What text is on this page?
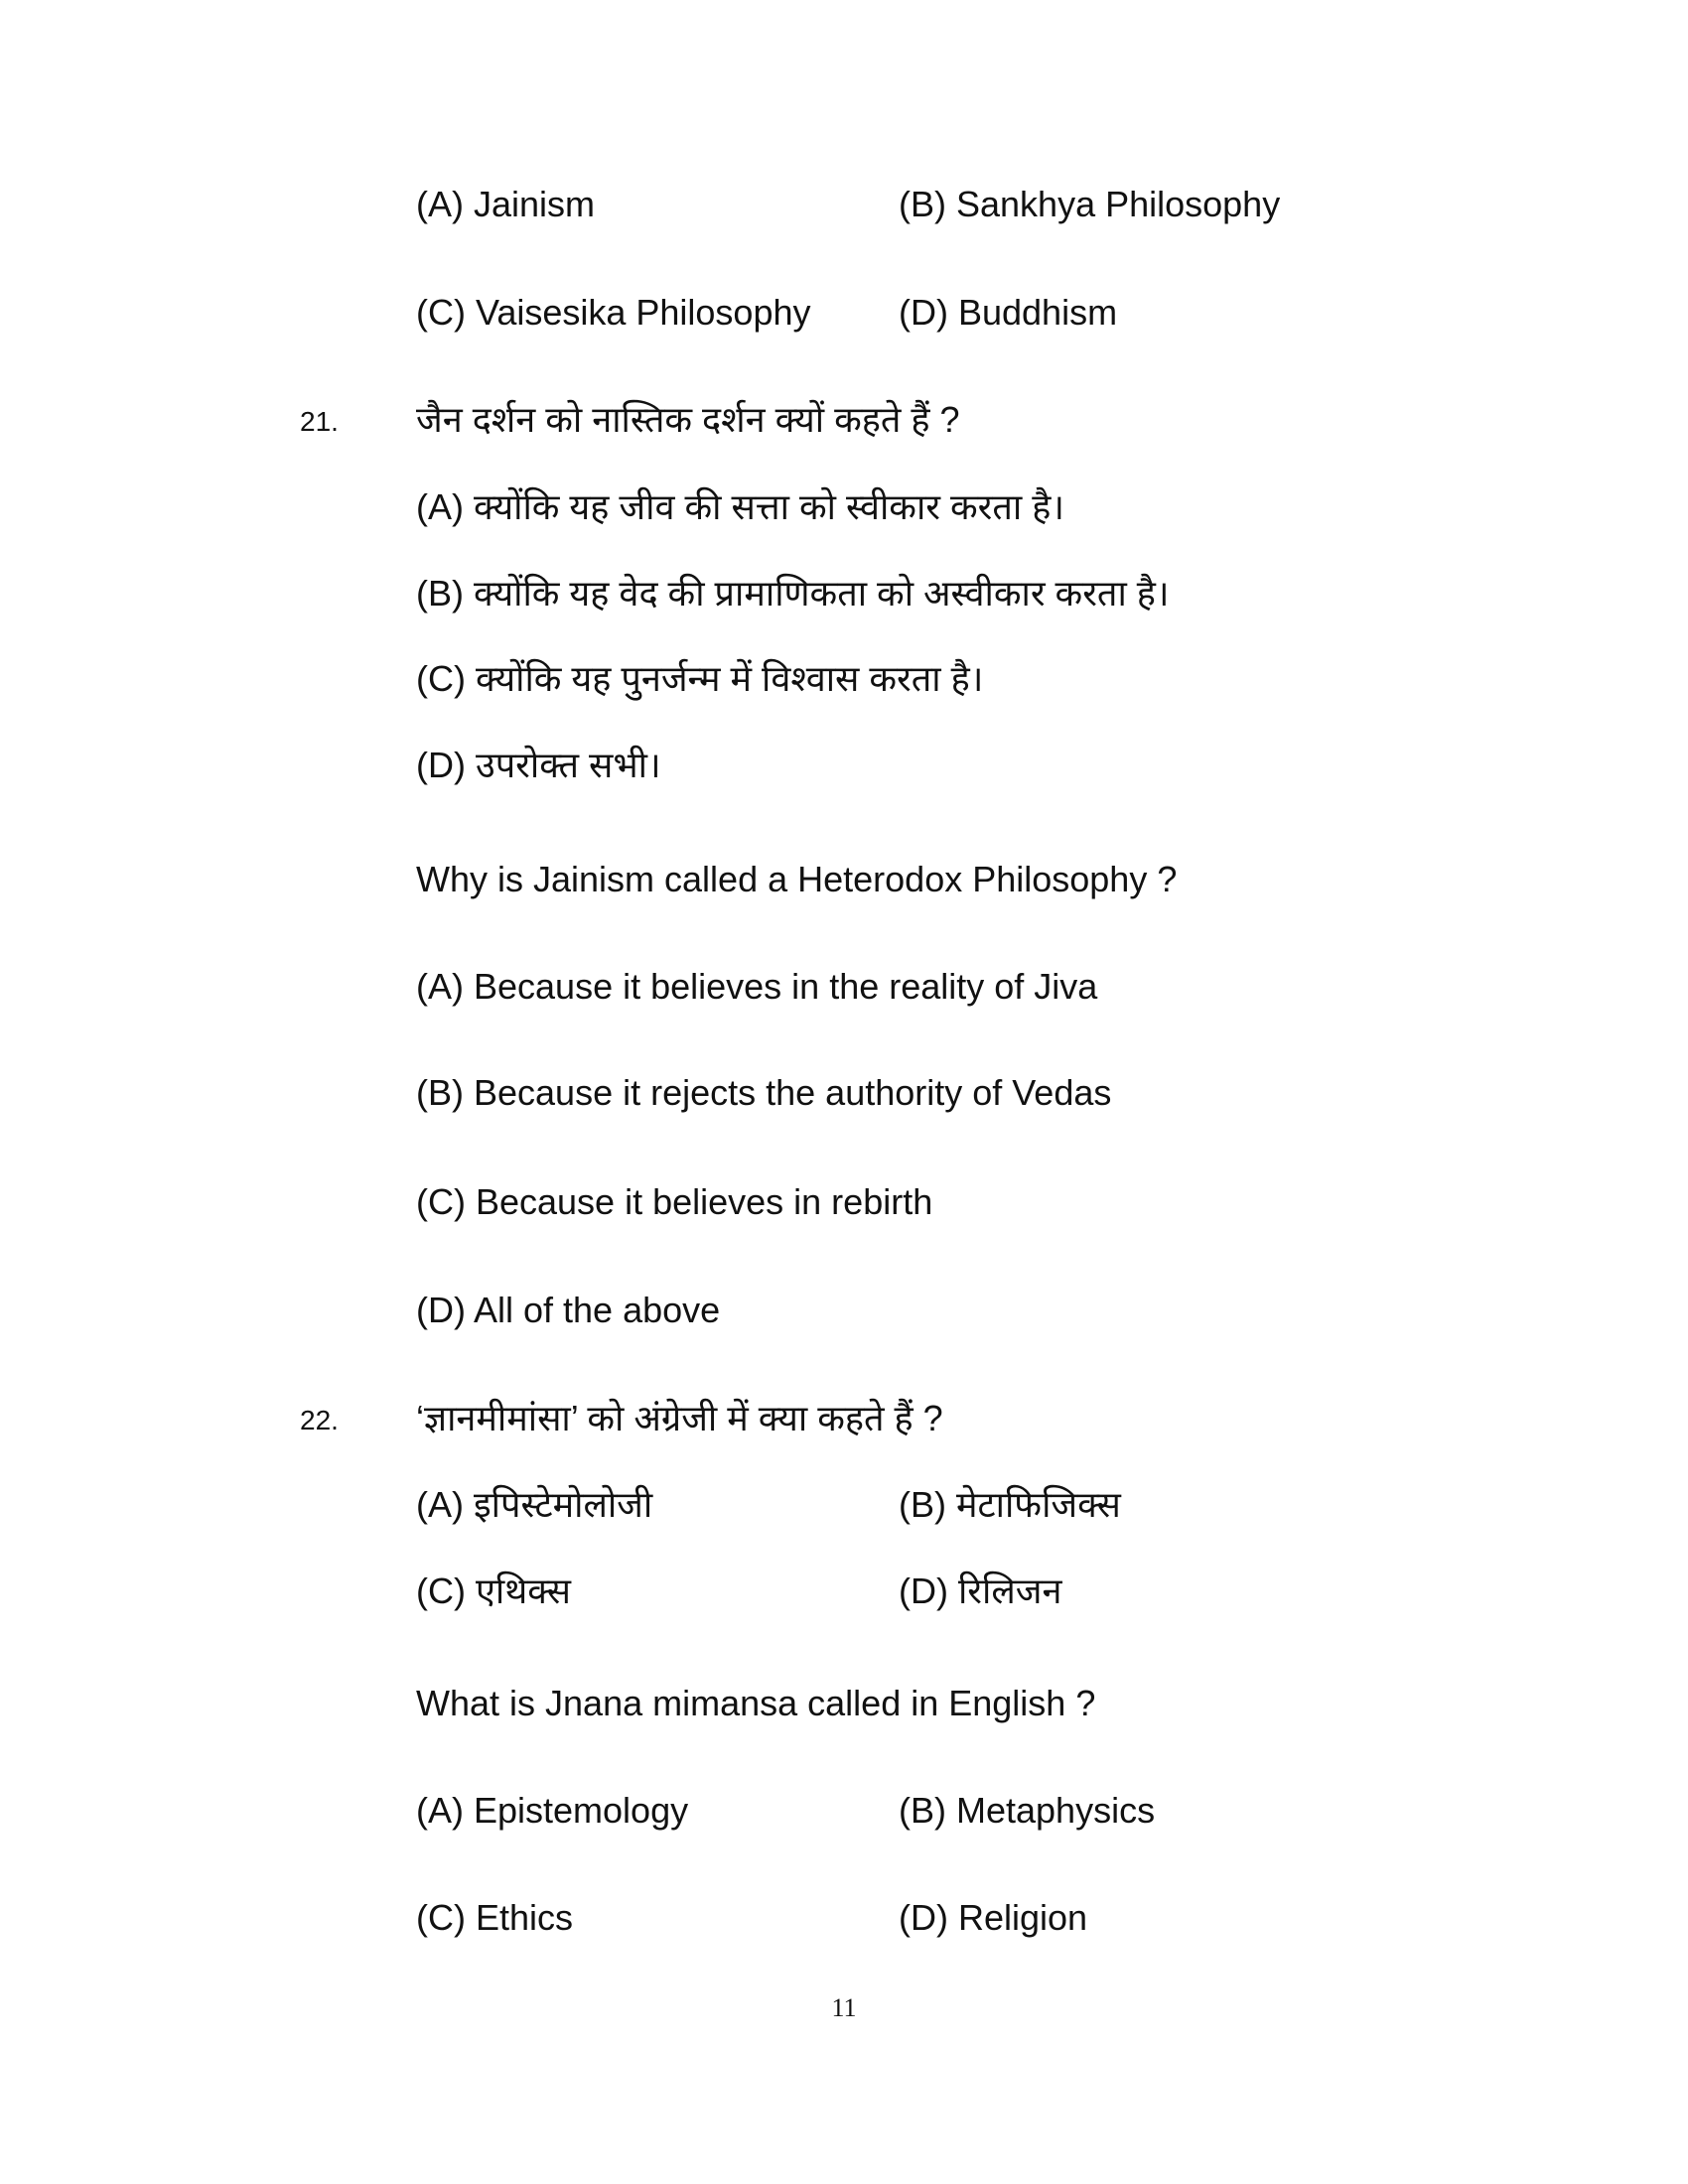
(A) Jainism	(B) Sankhya Philosophy
(C) Vaisesika Philosophy (D) Buddhism
21. जैन दर्शन को नास्तिक दर्शन क्यों कहते हैं ?
(A) क्योंकि यह जीव की सत्ता को स्वीकार करता है।
(B) क्योंकि यह वेद की प्रामाणिकता को अस्वीकार करता है।
(C) क्योंकि यह पुनर्जन्म में विश्वास करता है।
(D) उपरोक्त सभी।
Why is Jainism called a Heterodox Philosophy ?
(A) Because it believes in the reality of Jiva
(B) Because it rejects the authority of Vedas
(C) Because it believes in rebirth
(D) All of the above
22. ‘ज्ञानमीमांसा’ को अंग्रेजी में क्या कहते हैं ?
(A) इपिस्टेमोलोजी	(B) मेटाफिजिक्स
(C) एथिक्स	(D) रिलिजन
What is Jnana mimansa called in English ?
(A) Epistemology	(B) Metaphysics
(C) Ethics	(D) Religion
11
